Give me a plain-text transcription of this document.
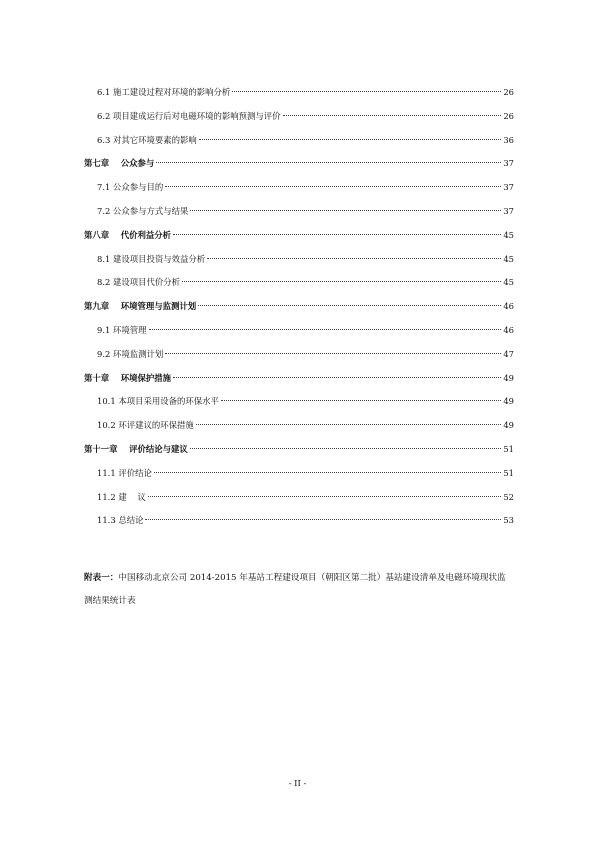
6.1 施工建设过程对环境的影响分析	26
6.2 项目建成运行后对电磁环境的影响预测与评价	26
6.3 对其它环境要素的影响	36
第七章 公众参与	37
7.1 公众参与目的	37
7.2 公众参与方式与结果	37
第八章 代价利益分析	45
8.1 建设项目投资与效益分析	45
8.2 建设项目代价分析	45
第九章 环境管理与监测计划	46
9.1 环境管理	46
9.2 环境监测计划	47
第十章 环境保护措施	49
10.1 本项目采用设备的环保水平	49
10.2 环评建议的环保措施	49
第十一章 评价结论与建议	51
11.1 评价结论	51
11.2 建    议	52
11.3 总结论	53
附表一：中国移动北京公司 2014-2015 年基站工程建设项目（朝阳区第二批）基站建设清单及电磁环境现状监测结果统计表
- II -
